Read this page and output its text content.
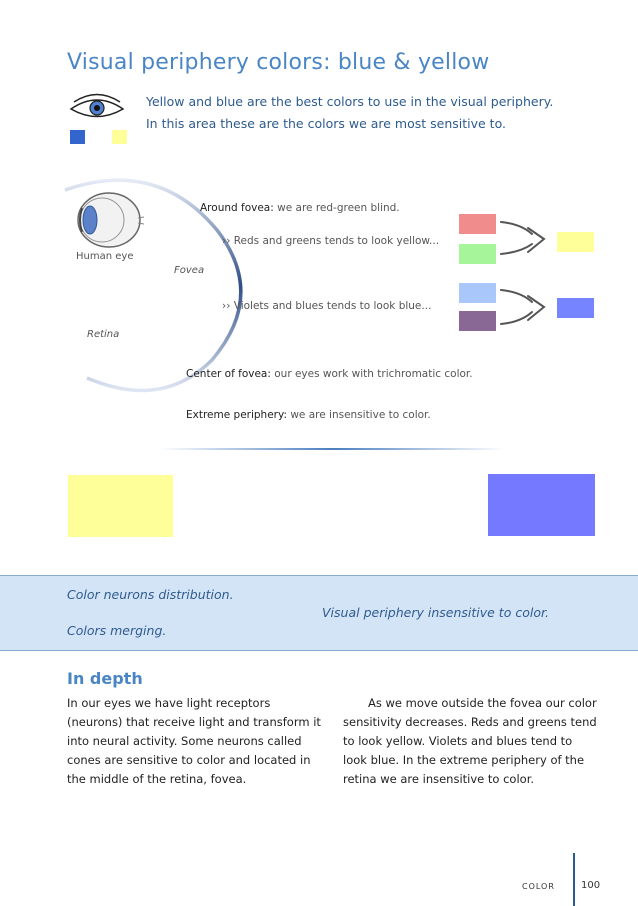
Visual periphery colors: blue & yellow
Yellow and blue are the best colors to use in the visual periphery.
In this area these are the colors we are most sensitive to.
Human eye
Fovea
Retina
Around fovea: we are red-green blind.
›› Reds and greens tends to look yellow...
›› Violets and blues tends to look blue...
Center of fovea: our eyes work with trichromatic color.
Extreme periphery: we are insensitive to color.
Color neurons distribution.
Colors merging.
Visual periphery insensitive to color.
In depth
In our eyes we have light receptors
(neurons) that receive light and transform it
into neural activity. Some neurons called
cones are sensitive to color and located in
the middle of the retina, fovea.
As we move outside the fovea our color
sensitivity decreases. Reds and greens tend
to look yellow. Violets and blues tend to
look blue. In the extreme periphery of the
retina we are insensitive to color.
COLOR	100
